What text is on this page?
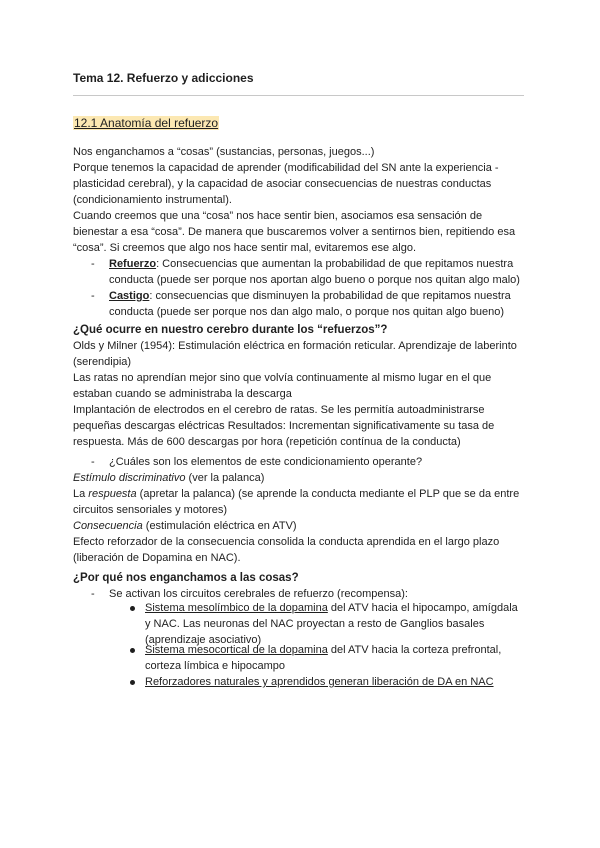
Tema 12. Refuerzo y adicciones
12.1 Anatomía del refuerzo
Nos enganchamos a “cosas” (sustancias, personas, juegos...)
Porque tenemos la capacidad de aprender (modificabilidad del SN ante la experiencia -
plasticidad cerebral), y la capacidad de asociar consecuencias de nuestras conductas
(condicionamiento instrumental).
Cuando creemos que una “cosa” nos hace sentir bien, asociamos esa sensación de
bienestar a esa “cosa”. De manera que buscaremos volver a sentirnos bien, repitiendo esa
“cosa”. Si creemos que algo nos hace sentir mal, evitaremos ese algo.
- Refuerzo: Consecuencias que aumentan la probabilidad de que repitamos nuestra
conducta (puede ser porque nos aportan algo bueno o porque nos quitan algo malo)
- Castigo: consecuencias que disminuyen la probabilidad de que repitamos nuestra
conducta (puede ser porque nos dan algo malo, o porque nos quitan algo bueno)
¿Qué ocurre en nuestro cerebro durante los “refuerzos”?
Olds y Milner (1954): Estimulación eléctrica en formación reticular. Aprendizaje de laberinto
(serendipia)
Las ratas no aprendían mejor sino que volvía continuamente al mismo lugar en el que
estaban cuando se administraba la descarga
Implantación de electrodos en el cerebro de ratas. Se les permitía autoadministrarse
pequeñas descargas eléctricas Resultados: Incrementan significativamente su tasa de
respuesta. Más de 600 descargas por hora (repetición contínua de la conducta)
- ¿Cuáles son los elementos de este condicionamiento operante?
Estímulo discriminativo (ver la palanca)
La respuesta (apretar la palanca) (se aprende la conducta mediante el PLP que se da entre
circuitos sensoriales y motores)
Consecuencia (estimulación eléctrica en ATV)
Efecto reforzador de la consecuencia consolida la conducta aprendida en el largo plazo
(liberación de Dopamina en NAC).
¿Por qué nos enganchamos a las cosas?
- Se activan los circuitos cerebrales de refuerzo (recompensa):
Sistema mesolímbico de la dopamina del ATV hacia el hipocampo, amígdala
y NAC. Las neuronas del NAC proyectan a resto de Ganglios basales
(aprendizaje asociativo)
Sistema mesocortical de la dopamina del ATV hacia la corteza prefrontal,
corteza límbica e hipocampo
Reforzadores naturales y aprendidos generan liberación de DA en NAC
